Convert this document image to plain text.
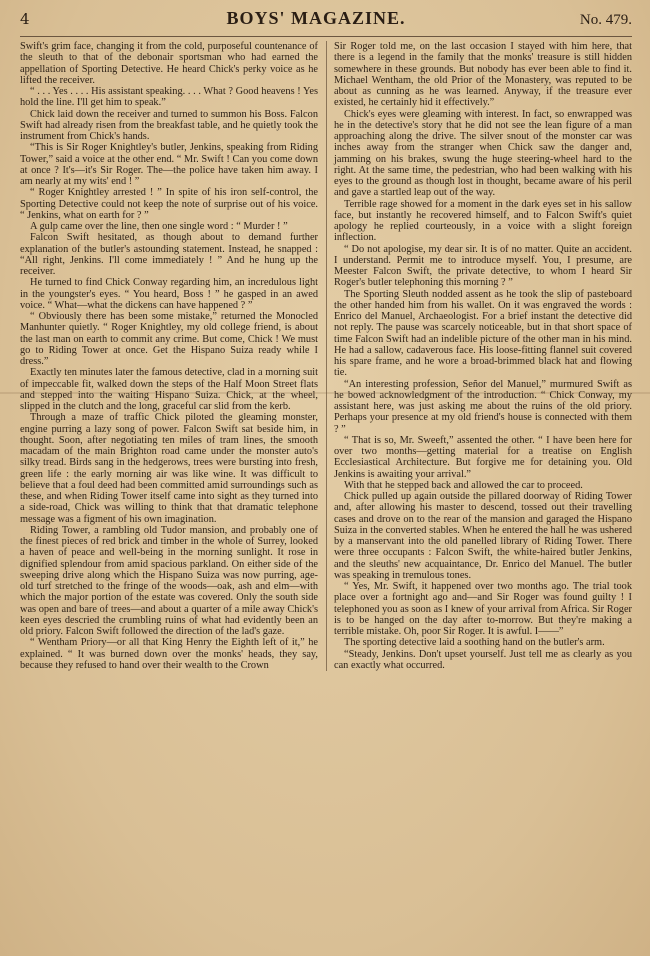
4	BOYS' MAGAZINE.	No. 479.

Swift's grim face, changing it from the cold, purposeful countenance of the sleuth to that of the debonair sportsman who had earned the appellation of Sporting Detective. He heard Chick's perky voice as he lifted the receiver.

“ . . . Yes . . . . His assistant speaking. . . . What ? Good heavens ! Yes hold the line. I'll get him to speak.”

Chick laid down the receiver and turned to summon his Boss. Falcon Swift had already risen from the breakfast table, and he quietly took the instrument from Chick's hands.

“This is Sir Roger Knightley's butler, Jenkins, speaking from Riding Tower,” said a voice at the other end. “ Mr. Swift ! Can you come down at once ? It's—it's Sir Roger. The—the police have taken him away. I am nearly at my wits' end ! ”

“ Roger Knightley arrested ! ” In spite of his iron self-control, the Sporting Detective could not keep the note of surprise out of his voice. “ Jenkins, what on earth for ? ”

A gulp came over the line, then one single word : “ Murder ! ”

Falcon Swift hesitated, as though about to demand further explanation of the butler's astounding statement. Instead, he snapped : “All right, Jenkins. I'll come immediately ! ” And he hung up the receiver.

He turned to find Chick Conway regarding him, an incredulous light in the youngster's eyes. “ You heard, Boss ! ” he gasped in an awed voice. “ What—what the dickens can have happened ? ”

“ Obviously there has been some mistake,” returned the Monocled Manhunter quietly. “ Roger Knightley, my old college friend, is about the last man on earth to commit any crime. But come, Chick ! We must go to Riding Tower at once. Get the Hispano Suiza ready while I dress.”

Exactly ten minutes later the famous detective, clad in a morning suit of impeccable fit, walked down the steps of the Half Moon Street flats and stepped into the waiting Hispano Suiza. Chick, at the wheel, slipped in the clutch and the long, graceful car slid from the kerb.

Through a maze of traffic Chick piloted the gleaming monster, engine purring a lazy song of power. Falcon Swift sat beside him, in thought. Soon, after negotiating ten miles of tram lines, the smooth macadam of the main Brighton road came under the monster auto's silky tread. Birds sang in the hedgerows, trees were bursting into fresh, green life : the early morning air was like wine. It was difficult to believe that a foul deed had been committed amid surroundings such as these, and when Riding Tower itself came into sight as they turned into a side-road, Chick was willing to think that that dramatic telephone message was a figment of his own imagination.

Riding Tower, a rambling old Tudor mansion, and probably one of the finest pieces of red brick and timber in the whole of Surrey, looked a haven of peace and well-being in the morning sunlight. It rose in dignified splendour from amid spacious parkland. On either side of the sweeping drive along which the Hispano Suiza was now purring, age-old turf stretched to the fringe of the woods—oak, ash and elm—with which the major portion of the estate was covered. Only the south side was open and bare of trees—and about a quarter of a mile away Chick's keen eyes descried the crumbling ruins of what had evidently been an old priory. Falcon Swift followed the direction of the lad's gaze.

“ Wentham Priory—or all that King Henry the Eighth left of it,” he explained. “ It was burned down over the monks' heads, they say, because they refused to hand over their wealth to the Crown

Sir Roger told me, on the last occasion I stayed with him here, that there is a legend in the family that the monks' treasure is still hidden somewhere in these grounds. But nobody has ever been able to find it. Michael Wentham, the old Prior of the Monastery, was reputed to be about as cunning as he was learned. Anyway, if the treasure ever existed, he certainly hid it effectively.”

Chick's eyes were gleaming with interest. In fact, so enwrapped was he in the detective's story that he did not see the lean figure of a man approaching along the drive. The silver snout of the monster car was inches away from the stranger when Chick saw the danger and, jamming on his brakes, swung the huge steering-wheel hard to the right. At the same time, the pedestrian, who had been walking with his eyes to the ground as though lost in thought, became aware of his peril and gave a startled leap out of the way.

Terrible rage showed for a moment in the dark eyes set in his sallow face, but instantly he recovered himself, and to Falcon Swift's quiet apology he replied courteously, in a voice with a slight foreign inflection.

“ Do not apologise, my dear sir. It is of no matter. Quite an accident. I understand. Permit me to introduce myself. You, I presume, are Meester Falcon Swift, the private detective, to whom I heard Sir Roger's butler telephoning this morning ? ”

The Sporting Sleuth nodded assent as he took the slip of pasteboard the other handed him from his wallet. On it was engraved the words : Enrico del Manuel, Archaeologist. For a brief instant the detective did not reply. The pause was scarcely noticeable, but in that short space of time Falcon Swift had an indelible picture of the other man in his mind. He had a sallow, cadaverous face. His loose-fitting flannel suit covered his spare frame, and he wore a broad-brimmed black hat and flowing tie.

“An interesting profession, Señor del Manuel,” murmured Swift as he bowed acknowledgment of the introduction. “ Chick Conway, my assistant here, was just asking me about the ruins of the old priory. Perhaps your presence at my old friend's house is connected with them ? ”

“ That is so, Mr. Sweeft,” assented the other. “ I have been here for over two months—getting material for a treatise on English Ecclesiastical Architecture. But forgive me for detaining you. Old Jenkins is awaiting your arrival.”

With that he stepped back and allowed the car to proceed.

Chick pulled up again outside the pillared doorway of Riding Tower and, after allowing his master to descend, tossed out their travelling cases and drove on to the rear of the mansion and garaged the Hispano Suiza in the converted stables. When he entered the hall he was ushered by a manservant into the old panelled library of Riding Tower. There were three occupants : Falcon Swift, the white-haired butler Jenkins, and the sleuths' new acquaintance, Dr. Enrico del Manuel. The butler was speaking in tremulous tones.

“ Yes, Mr. Swift, it happened over two months ago. The trial took place over a fortnight ago and—and Sir Roger was found guilty ! I telephoned you as soon as I knew of your arrival from Africa. Sir Roger is to be hanged on the day after to-morrow. But they're making a terrible mistake. Oh, poor Sir Roger. It is awful. I——”

The sporting detective laid a soothing hand on the butler's arm.

“Steady, Jenkins. Don't upset yourself. Just tell me as clearly as you can exactly what occurred.
